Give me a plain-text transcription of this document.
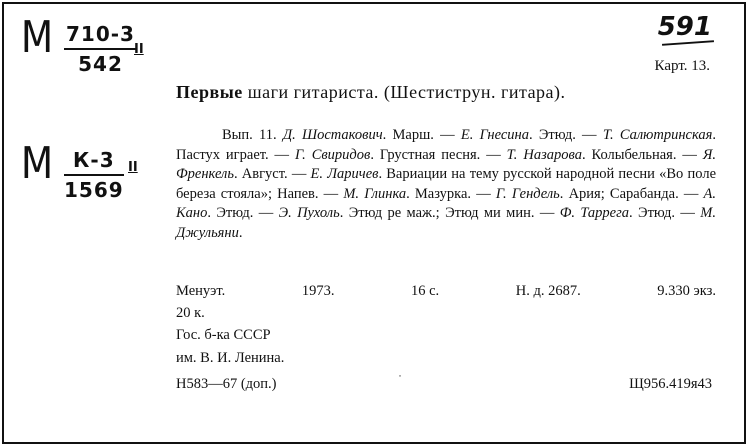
М $\frac{710-3}{542}$
II
М К-3
1569
II
591
Карт. 13.
Первые шаги гитариста. (Шестиструн. гитара).
Вып. 11. Д. Шостакович. Марш. — Е. Гнесина. Этюд. — Т. Салютринская. Пастух играет. — Г. Свиридов. Грустная песня. — Т. Назарова. Колыбельная. — Я. Френкель. Август. — Е. Ларичев. Вариации на тему русской народной песни «Во поле береза стояла»; Напев. — М. Глинка. Мазурка. — Г. Гендель. Ария; Сарабанда. — А. Кано. Этюд. — Э. Пухоль. Этюд ре маж.; Этюд ми мин. — Ф. Таррега. Этюд. — М. Джульяни.
Менуэт.	1973.	16 с.	Н. д. 2687.	9.330 экз.
20 к.
Гос. б-ка СССР
им. В. И. Ленина.
Н583—67 (доп.)	˙	Щ956.419я43
